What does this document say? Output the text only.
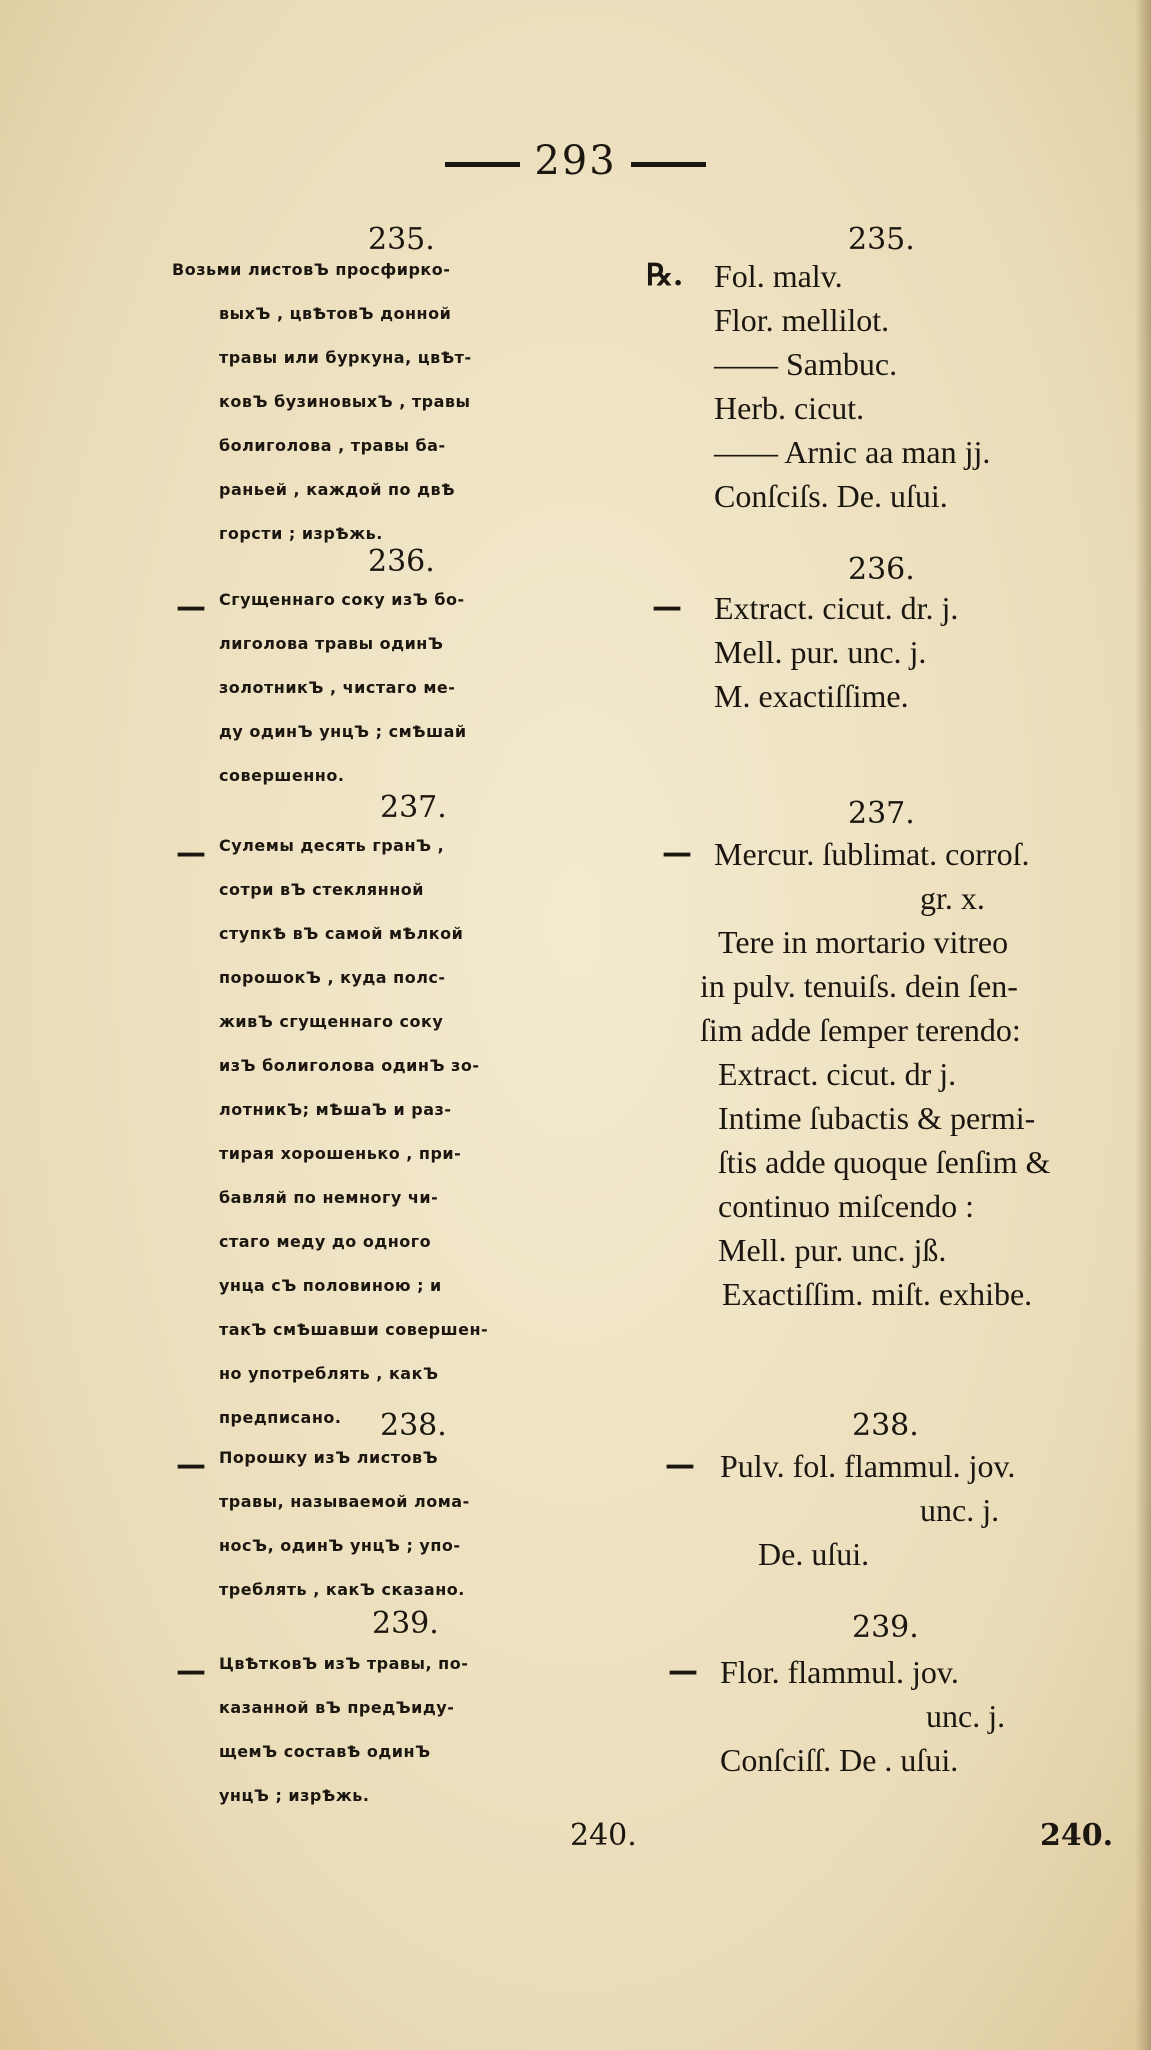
293
235.
Возьми листовЪ просфирко-
выхЪ , цвѢтовЪ донной
травы или буркуна, цвѢт-
ковЪ бузиновыхЪ , травы
болиголова , травы ба-
раньей , каждой по двѢ
горсти ; изрѢжь.
236.
— Сгущеннаго соку изЪ бо-
лиголова травы одинЪ
золотникЪ , чистаго ме-
ду одинЪ унцЪ ; смѢшай
совершенно.
237.
— Сулемы десять гранЪ ,
сотри вЪ стеклянной
ступкѢ вЪ самой мѢлкой
порошокЪ , куда полс-
живЪ сгущеннаго соку
изЪ болиголова одинЪ зо-
лотникЪ; мѢшаЪ и раз-
тирая хорошенько , при-
бавляй по немногу чи-
стаго меду до одного
унца сЪ половиною ; и
такЪ смѢшавши совершен-
но употреблять , какЪ
предписано. 238.
— Порошку изЪ листовЪ
травы, называемой лома-
носЪ, одинЪ унцЪ ; упо-
треблять , какЪ сказано.
239.
— ЦвѢтковЪ изЪ травы, по-
казанной вЪ предЪиду-
щемЪ составѢ одинЪ
унцЪ ; изрѢжь.
240.
℞.
—
—
—
—
235.
Fol. malv.
Flor. mellilot.
—— Sambuc.
Herb. cicut.
—— Arnic aa man jj.
Conſciſs. De. uſui.
236.
Extract. cicut. dr. j.
Mell. pur. unc. j.
M. exactiſſime.
237.
Mercur. ſublimat. corroſ.
gr. x.
Tere in mortario vitreo
in pulv. tenuiſs. dein ſen-
ſim adde ſemper terendo:
Extract. cicut. dr j.
Intime ſubactis & permi-
ſtis adde quoque ſenſim &
continuo miſcendo :
Mell. pur. unc. jß.
Exactiſſim. miſt. exhibe.
238.
Pulv. fol. flammul. jov.
unc. j.
De. uſui.
239.
Flor. flammul. jov.
unc. j.
Conſciſſ. De . uſui.
240.
